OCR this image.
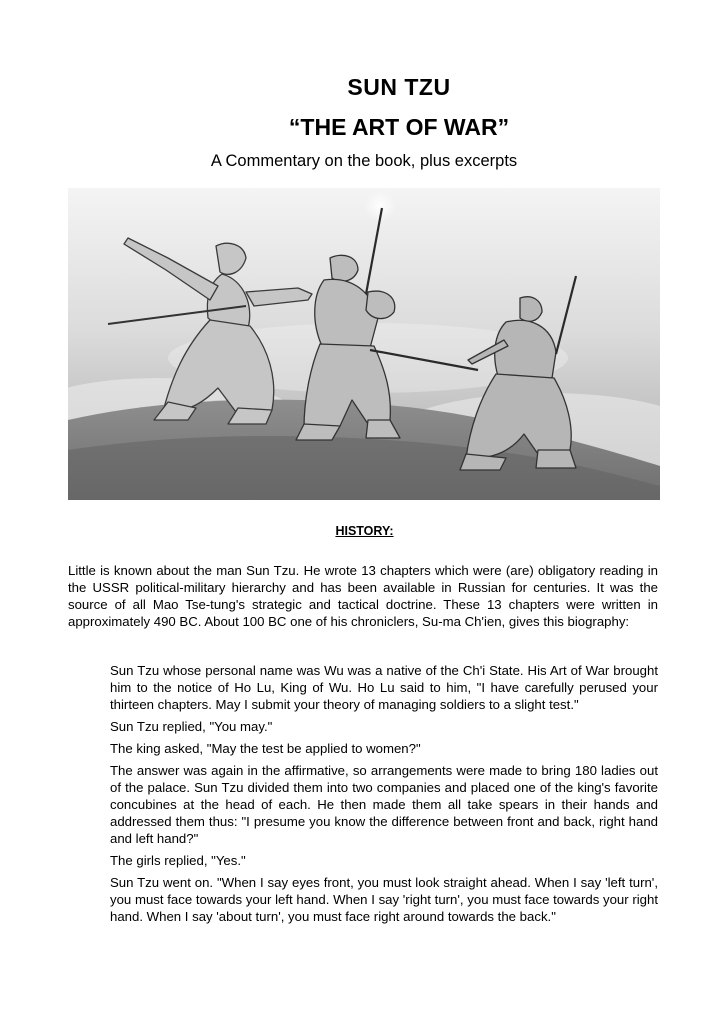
SUN TZU
“THE ART OF WAR”
A Commentary on the book, plus excerpts
HISTORY:
Little is known about the man Sun Tzu. He wrote 13 chapters which were (are) obligatory reading in the USSR political-military hierarchy and has been available in Russian for centuries. It was the source of all Mao Tse-tung's strategic and tactical doctrine. These 13 chapters were written in approximately 490 BC. About 100 BC one of his chroniclers, Su-ma Ch'ien, gives this biography:

Sun Tzu whose personal name was Wu was a native of the Ch'i State. His Art of War brought him to the notice of Ho Lu, King of Wu. Ho Lu said to him, "I have carefully perused your thirteen chapters. May I submit your theory of managing soldiers to a slight test."

Sun Tzu replied, "You may."

The king asked, "May the test be applied to women?"

The answer was again in the affirmative, so arrangements were made to bring 180 ladies out of the palace. Sun Tzu divided them into two companies and placed one of the king's favorite concubines at the head of each. He then made them all take spears in their hands and addressed them thus: "I presume you know the difference between front and back, right hand and left hand?"

The girls replied, "Yes."

Sun Tzu went on. "When I say eyes front, you must look straight ahead. When I say 'left turn', you must face towards your left hand. When I say 'right turn', you must face towards your right hand. When I say 'about turn', you must face right around towards the back."
